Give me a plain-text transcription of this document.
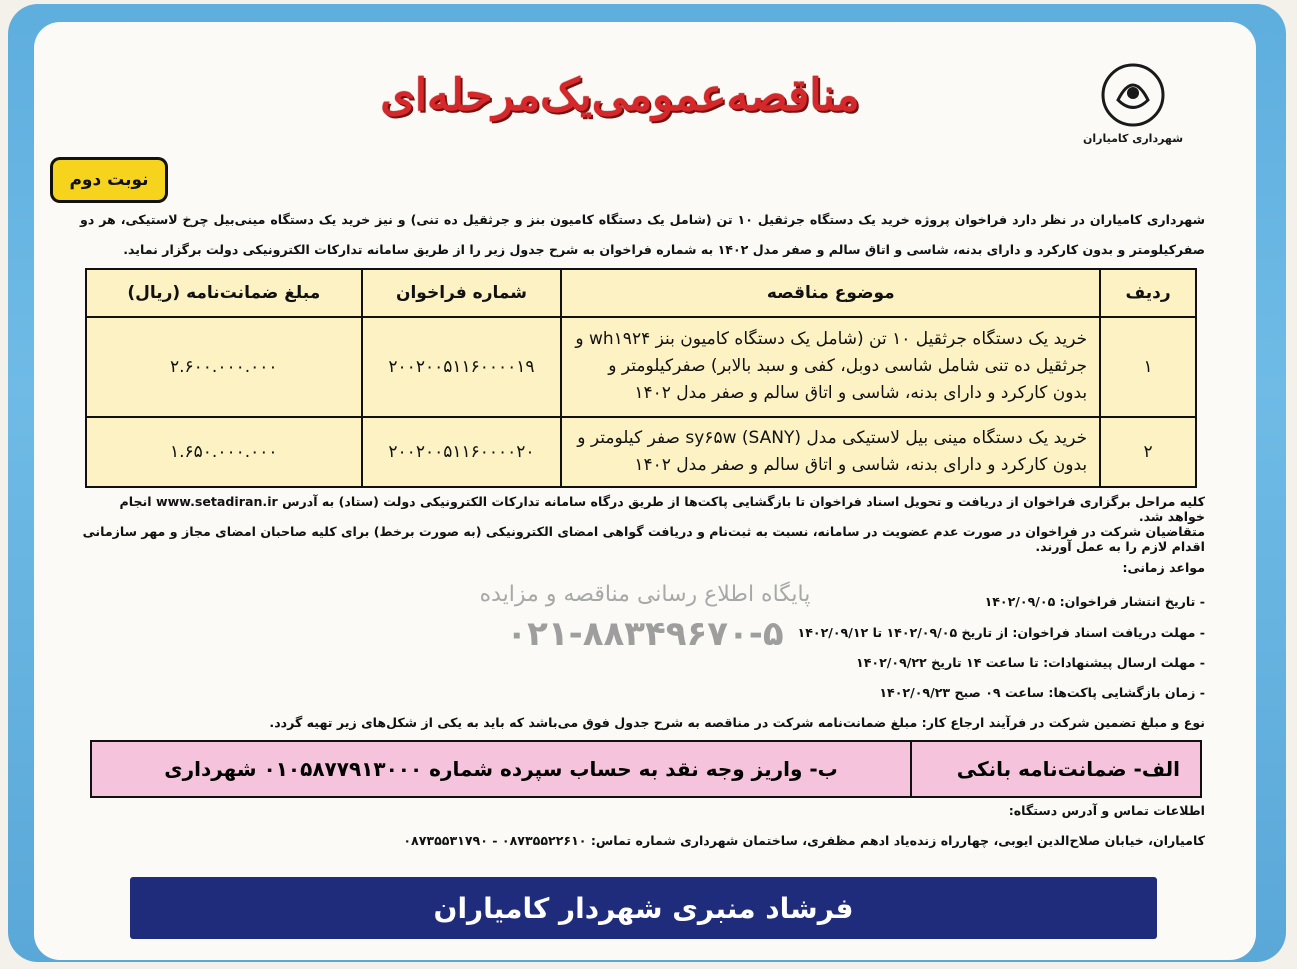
شهرداری کامیاران
مناقصه‌عمومی‌یک‌مرحله‌ای
نوبت دوم
شهرداری کامیاران در نظر دارد فراخوان پروژه خرید یک دستگاه جرثقیل ۱۰ تن (شامل یک دستگاه کامیون بنز و جرثقیل ده تنی) و نیز خرید یک دستگاه مینی‌بیل چرخ لاستیکی، هر دو صفرکیلومتر و بدون کارکرد و دارای بدنه، شاسی و اتاق سالم و صفر مدل ۱۴۰۲ به شماره فراخوان به شرح جدول زیر را از طریق سامانه تدارکات الکترونیکی دولت برگزار نماید.
ردیف	موضوع مناقصه	شماره فراخوان	مبلغ ضمانت‌نامه (ریال)
۱	خرید یک دستگاه جرثقیل ۱۰ تن (شامل یک دستگاه کامیون بنز wh۱۹۲۴ و جرثقیل ده تنی شامل شاسی دوبل، کفی و سبد بالابر) صفرکیلومتر و بدون کارکرد و دارای بدنه، شاسی و اتاق سالم و صفر مدل ۱۴۰۲	۲۰۰۲۰۰۵۱۱۶۰۰۰۰۱۹	۲.۶۰۰.۰۰۰.۰۰۰
۲	خرید یک دستگاه مینی بیل لاستیکی مدل sy۶۵w (SANY) صفر کیلومتر و بدون کارکرد و دارای بدنه، شاسی و اتاق سالم و صفر مدل ۱۴۰۲	۲۰۰۲۰۰۵۱۱۶۰۰۰۰۲۰	۱.۶۵۰.۰۰۰.۰۰۰
پایگاه اطلاع رسانی مناقصه و مزایده
۰۲۱-۸۸۳۴۹۶۷۰-۵

کلیه مراحل برگزاری فراخوان از دریافت و تحویل اسناد فراخوان تا بازگشایی پاکت‌ها از طریق درگاه سامانه تدارکات الکترونیکی دولت (ستاد) به آدرس www.setadiran.ir انجام خواهد شد.

متقاضیان شرکت در فراخوان در صورت عدم عضویت در سامانه، نسبت به ثبت‌نام و دریافت گواهی امضای الکترونیکی (به صورت برخط) برای کلیه صاحبان امضای مجاز و مهر سازمانی اقدام لازم را به عمل آورند.

مواعد زمانی:

- تاریخ انتشار فراخوان: ۱۴۰۲/۰۹/۰۵

- مهلت دریافت اسناد فراخوان: از تاریخ ۱۴۰۲/۰۹/۰۵ تا ۱۴۰۲/۰۹/۱۲

- مهلت ارسال پیشنهادات: تا ساعت ۱۴ تاریخ ۱۴۰۲/۰۹/۲۲

- زمان بازگشایی پاکت‌ها: ساعت ۰۹ صبح ۱۴۰۲/۰۹/۲۳

نوع و مبلغ تضمین شرکت در فرآیند ارجاع کار: مبلغ ضمانت‌نامه شرکت در مناقصه به شرح جدول فوق می‌باشد که باید به یکی از شکل‌های زیر تهیه گردد.

الف- ضمانت‌نامه بانکی
ب- واریز وجه نقد به حساب سپرده شماره ۰۱۰۵۸۷۷۹۱۳۰۰۰ شهرداری

اطلاعات تماس و آدرس دستگاه:

کامیاران، خیابان صلاح‌الدین ایوبی، چهارراه زنده‌یاد ادهم مظفری، ساختمان شهرداری شماره تماس: ۰۸۷۳۵۵۲۲۶۱۰ - ۰۸۷۳۵۵۳۱۷۹۰

فرشاد منبری شهردار کامیاران
